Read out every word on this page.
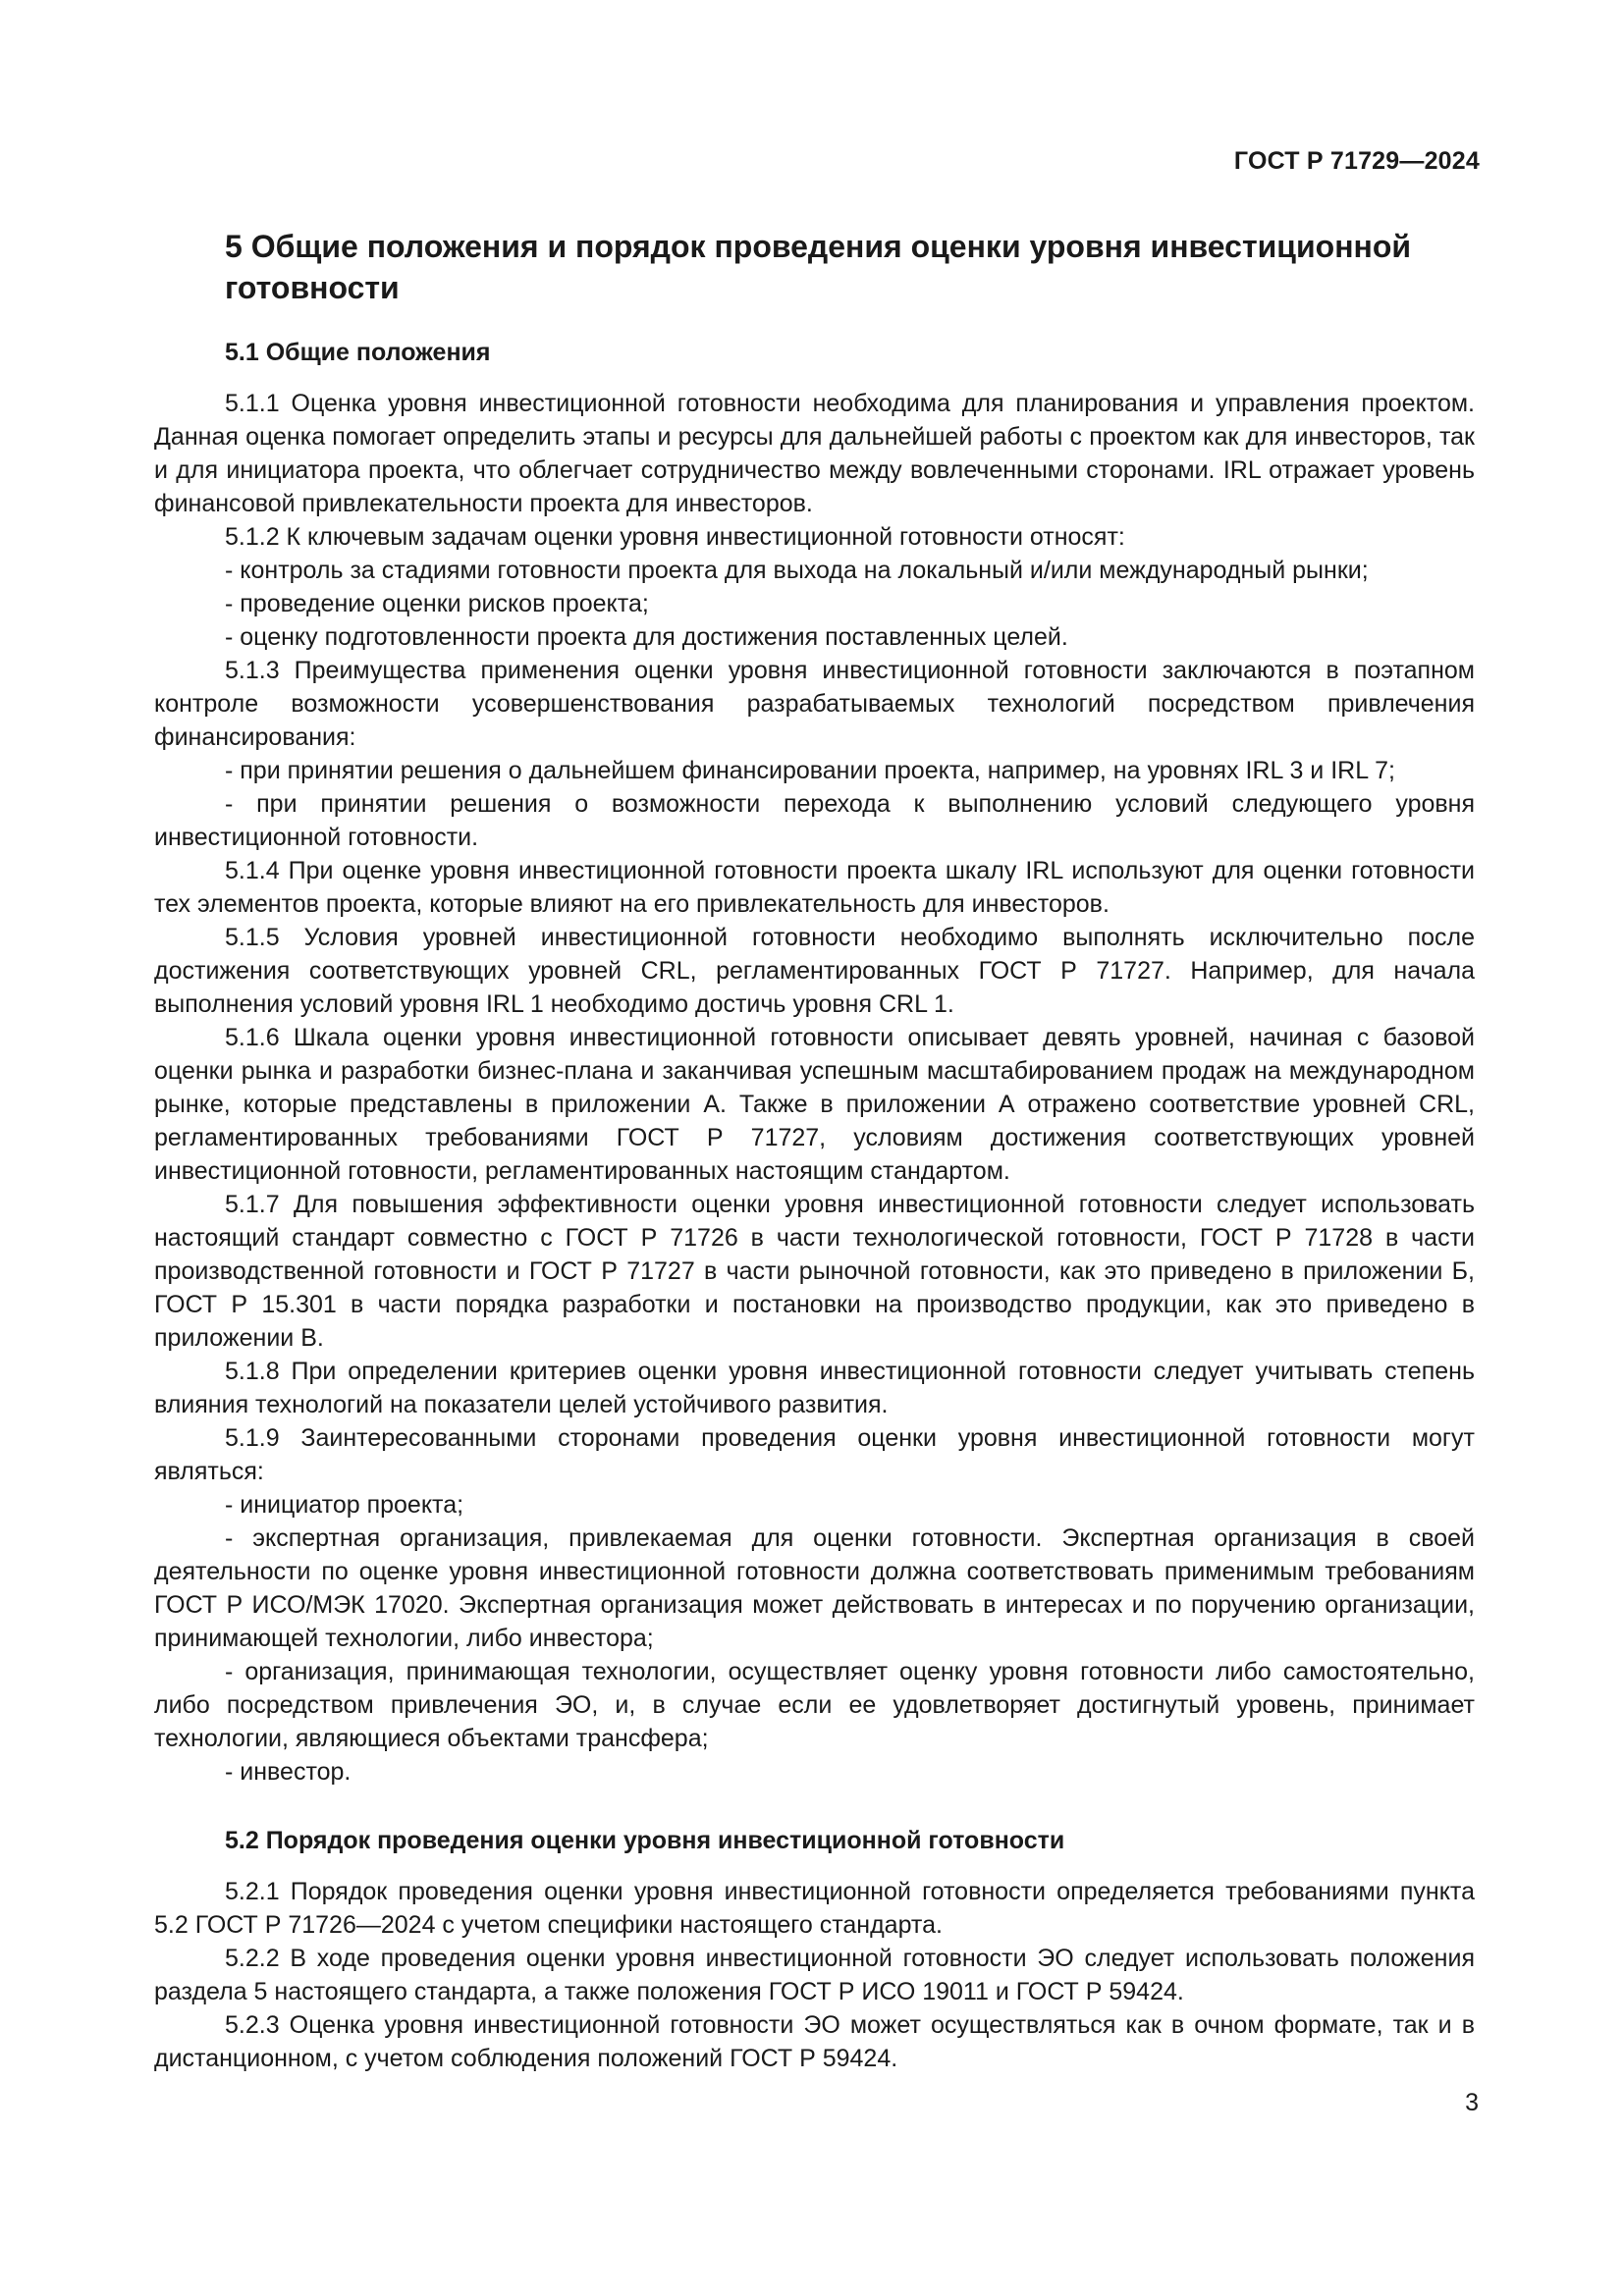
ГОСТ Р 71729—2024
5 Общие положения и порядок проведения оценки уровня инвестиционной готовности
5.1 Общие положения

5.1.1 Оценка уровня инвестиционной готовности необходима для планирования и управления проектом. Данная оценка помогает определить этапы и ресурсы для дальнейшей работы с проектом как для инвесторов, так и для инициатора проекта, что облегчает сотрудничество между вовлеченными сторонами. IRL отражает уровень финансовой привлекательности проекта для инвесторов.

5.1.2 К ключевым задачам оценки уровня инвестиционной готовности относят:

- контроль за стадиями готовности проекта для выхода на локальный и/или международный рынки;

- проведение оценки рисков проекта;

- оценку подготовленности проекта для достижения поставленных целей.

5.1.3 Преимущества применения оценки уровня инвестиционной готовности заключаются в поэтапном контроле возможности усовершенствования разрабатываемых технологий посредством привлечения финансирования:

- при принятии решения о дальнейшем финансировании проекта, например, на уровнях IRL 3 и IRL 7;

- при принятии решения о возможности перехода к выполнению условий следующего уровня инвестиционной готовности.

5.1.4 При оценке уровня инвестиционной готовности проекта шкалу IRL используют для оценки готовности тех элементов проекта, которые влияют на его привлекательность для инвесторов.

5.1.5 Условия уровней инвестиционной готовности необходимо выполнять исключительно после достижения соответствующих уровней CRL, регламентированных ГОСТ Р 71727. Например, для начала выполнения условий уровня IRL 1 необходимо достичь уровня CRL 1.

5.1.6 Шкала оценки уровня инвестиционной готовности описывает девять уровней, начиная с базовой оценки рынка и разработки бизнес-плана и заканчивая успешным масштабированием продаж на международном рынке, которые представлены в приложении А. Также в приложении А отражено соответствие уровней CRL, регламентированных требованиями ГОСТ Р 71727, условиям достижения соответствующих уровней инвестиционной готовности, регламентированных настоящим стандартом.

5.1.7 Для повышения эффективности оценки уровня инвестиционной готовности следует использовать настоящий стандарт совместно с ГОСТ Р 71726 в части технологической готовности, ГОСТ Р 71728 в части производственной готовности и ГОСТ Р 71727 в части рыночной готовности, как это приведено в приложении Б, ГОСТ Р 15.301 в части порядка разработки и постановки на производство продукции, как это приведено в приложении В.

5.1.8 При определении критериев оценки уровня инвестиционной готовности следует учитывать степень влияния технологий на показатели целей устойчивого развития.

5.1.9 Заинтересованными сторонами проведения оценки уровня инвестиционной готовности могут являться:

- инициатор проекта;

- экспертная организация, привлекаемая для оценки готовности. Экспертная организация в своей деятельности по оценке уровня инвестиционной готовности должна соответствовать применимым требованиям ГОСТ Р ИСО/МЭК 17020. Экспертная организация может действовать в интересах и по поручению организации, принимающей технологии, либо инвестора;

- организация, принимающая технологии, осуществляет оценку уровня готовности либо самостоятельно, либо посредством привлечения ЭО, и, в случае если ее удовлетворяет достигнутый уровень, принимает технологии, являющиеся объектами трансфера;

- инвестор.

5.2 Порядок проведения оценки уровня инвестиционной готовности

5.2.1 Порядок проведения оценки уровня инвестиционной готовности определяется требованиями пункта 5.2 ГОСТ Р 71726—2024 с учетом специфики настоящего стандарта.

5.2.2 В ходе проведения оценки уровня инвестиционной готовности ЭО следует использовать положения раздела 5 настоящего стандарта, а также положения ГОСТ Р ИСО 19011 и ГОСТ Р 59424.

5.2.3 Оценка уровня инвестиционной готовности ЭО может осуществляться как в очном формате, так и в дистанционном, с учетом соблюдения положений ГОСТ Р 59424.

3
